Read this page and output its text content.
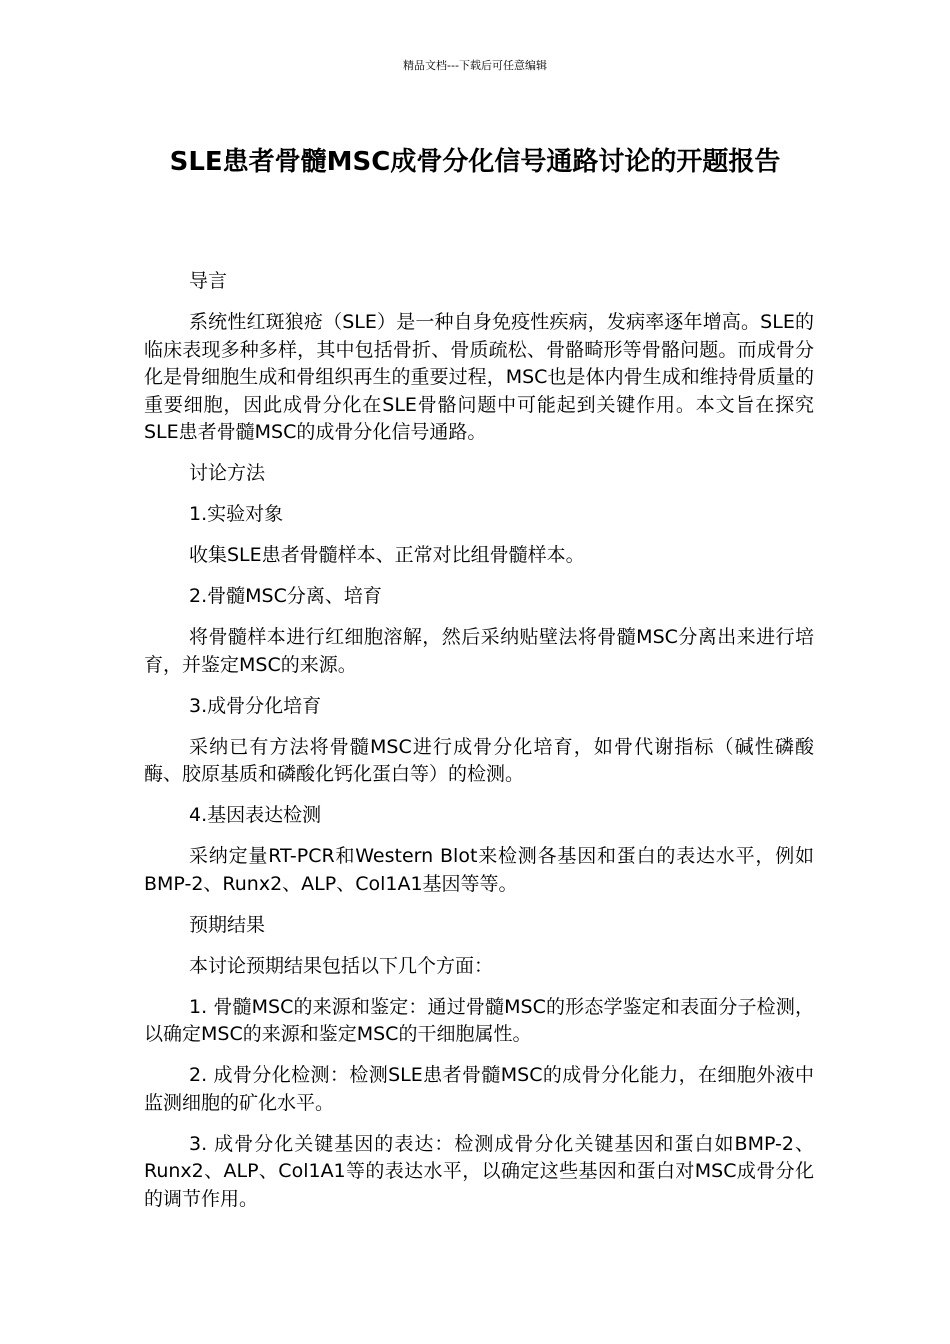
精品文档---下载后可任意编辑
SLE患者骨髓MSC成骨分化信号通路讨论的开题报告

导言

系统性红斑狼疮（SLE）是一种自身免疫性疾病，发病率逐年增高。SLE的临床表现多种多样，其中包括骨折、骨质疏松、骨骼畸形等骨骼问题。而成骨分化是骨细胞生成和骨组织再生的重要过程，MSC也是体内骨生成和维持骨质量的重要细胞，因此成骨分化在SLE骨骼问题中可能起到关键作用。本文旨在探究SLE患者骨髓MSC的成骨分化信号通路。

讨论方法

1.实验对象

收集SLE患者骨髓样本、正常对比组骨髓样本。

2.骨髓MSC分离、培育

将骨髓样本进行红细胞溶解，然后采纳贴壁法将骨髓MSC分离出来进行培育，并鉴定MSC的来源。

3.成骨分化培育

采纳已有方法将骨髓MSC进行成骨分化培育，如骨代谢指标（碱性磷酸酶、胶原基质和磷酸化钙化蛋白等）的检测。

4.基因表达检测

采纳定量RT-PCR和Western Blot来检测各基因和蛋白的表达水平，例如BMP-2、Runx2、ALP、Col1A1基因等等。

预期结果

本讨论预期结果包括以下几个方面：

1. 骨髓MSC的来源和鉴定：通过骨髓MSC的形态学鉴定和表面分子检测，以确定MSC的来源和鉴定MSC的干细胞属性。

2. 成骨分化检测：检测SLE患者骨髓MSC的成骨分化能力，在细胞外液中监测细胞的矿化水平。

3. 成骨分化关键基因的表达：检测成骨分化关键基因和蛋白如BMP-2、Runx2、ALP、Col1A1等的表达水平，以确定这些基因和蛋白对MSC成骨分化的调节作用。
